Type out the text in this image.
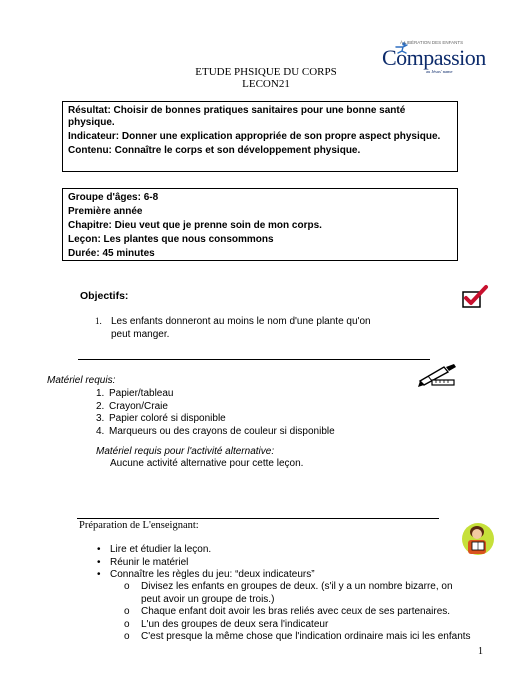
ETUDE PHSIQUE DU CORPS
LECON21
À LIBÉRATION DES ENFANTS
Compassion
au Jésus' name

Résultat: Choisir de bonnes pratiques sanitaires pour une bonne santé physique.

Indicateur: Donner une explication appropriée de son propre aspect physique.

Contenu: Connaître le corps et son développement physique.

Groupe d'âges: 6-8

Première année

Chapitre: Dieu veut que je prenne soin de mon corps.

Leçon: Les plantes que nous consommons

Durée: 45 minutes

Objectifs:
1. Les enfants donneront au moins le nom d'une plante qu'on peut manger.
Matériel requis:
1. Papier/tableau
2. Crayon/Craie
3. Papier coloré si disponible
4. Marqueurs ou des crayons de couleur si disponible
Matériel requis pour l'activité alternative:
Aucune activité alternative pour cette leçon.
Préparation de L'enseignant:
• Lire et étudier la leçon.
• Réunir le matériel
• Connaître les règles du jeu: “deux indicateurs”
o Divisez les enfants en groupes de deux. (s'il y a un nombre bizarre, on peut avoir un groupe de trois.)
o Chaque enfant doit avoir les bras reliés avec ceux de ses partenaires.
o L'un des groupes de deux sera l'indicateur
o C'est presque la même chose que l'indication ordinaire mais ici les enfants
1
